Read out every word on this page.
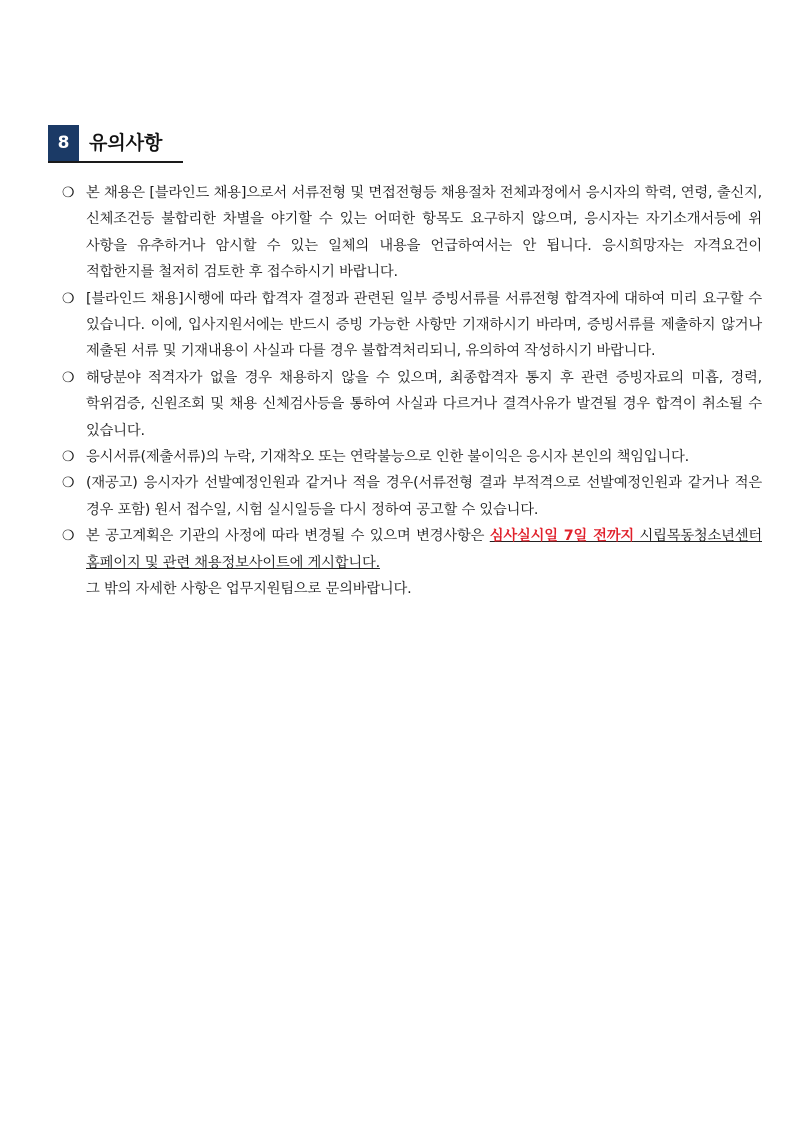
8	유의사항
❍ 본 채용은 [블라인드 채용]으로서 서류전형 및 면접전형등 채용절차 전체과정에서 응시자의 학력, 연령, 출신지, 신체조건등 불합리한 차별을 야기할 수 있는 어떠한 항목도 요구하지 않으며, 응시자는 자기소개서등에 위 사항을 유추하거나 암시할 수 있는 일체의 내용을 언급하여서는 안 됩니다. 응시희망자는 자격요건이 적합한지를 철저히 검토한 후 접수하시기 바랍니다.
❍ [블라인드 채용]시행에 따라 합격자 결정과 관련된 일부 증빙서류를 서류전형 합격자에 대하여 미리 요구할 수 있습니다. 이에, 입사지원서에는 반드시 증빙 가능한 사항만 기재하시기 바라며, 증빙서류를 제출하지 않거나 제출된 서류 및 기재내용이 사실과 다를 경우 불합격처리되니, 유의하여 작성하시기 바랍니다.
❍ 해당분야 적격자가 없을 경우 채용하지 않을 수 있으며, 최종합격자 통지 후 관련 증빙자료의 미흡, 경력, 학위검증, 신원조회 및 채용 신체검사등을 통하여 사실과 다르거나 결격사유가 발견될 경우 합격이 취소될 수 있습니다.
❍ 응시서류(제출서류)의 누락, 기재착오 또는 연락불능으로 인한 불이익은 응시자 본인의 책임입니다.
❍ (재공고) 응시자가 선발예정인원과 같거나 적을 경우(서류전형 결과 부적격으로 선발예정인원과 같거나 적은 경우 포함) 원서 접수일, 시험 실시일등을 다시 정하여 공고할 수 있습니다.
❍ 본 공고계획은 기관의 사정에 따라 변경될 수 있으며 변경사항은 심사실시일 7일 전까지 시립목동청소년센터 홈페이지 및 관련 채용정보사이트에 게시합니다.
그 밖의 자세한 사항은 업무지원팀으로 문의바랍니다.
